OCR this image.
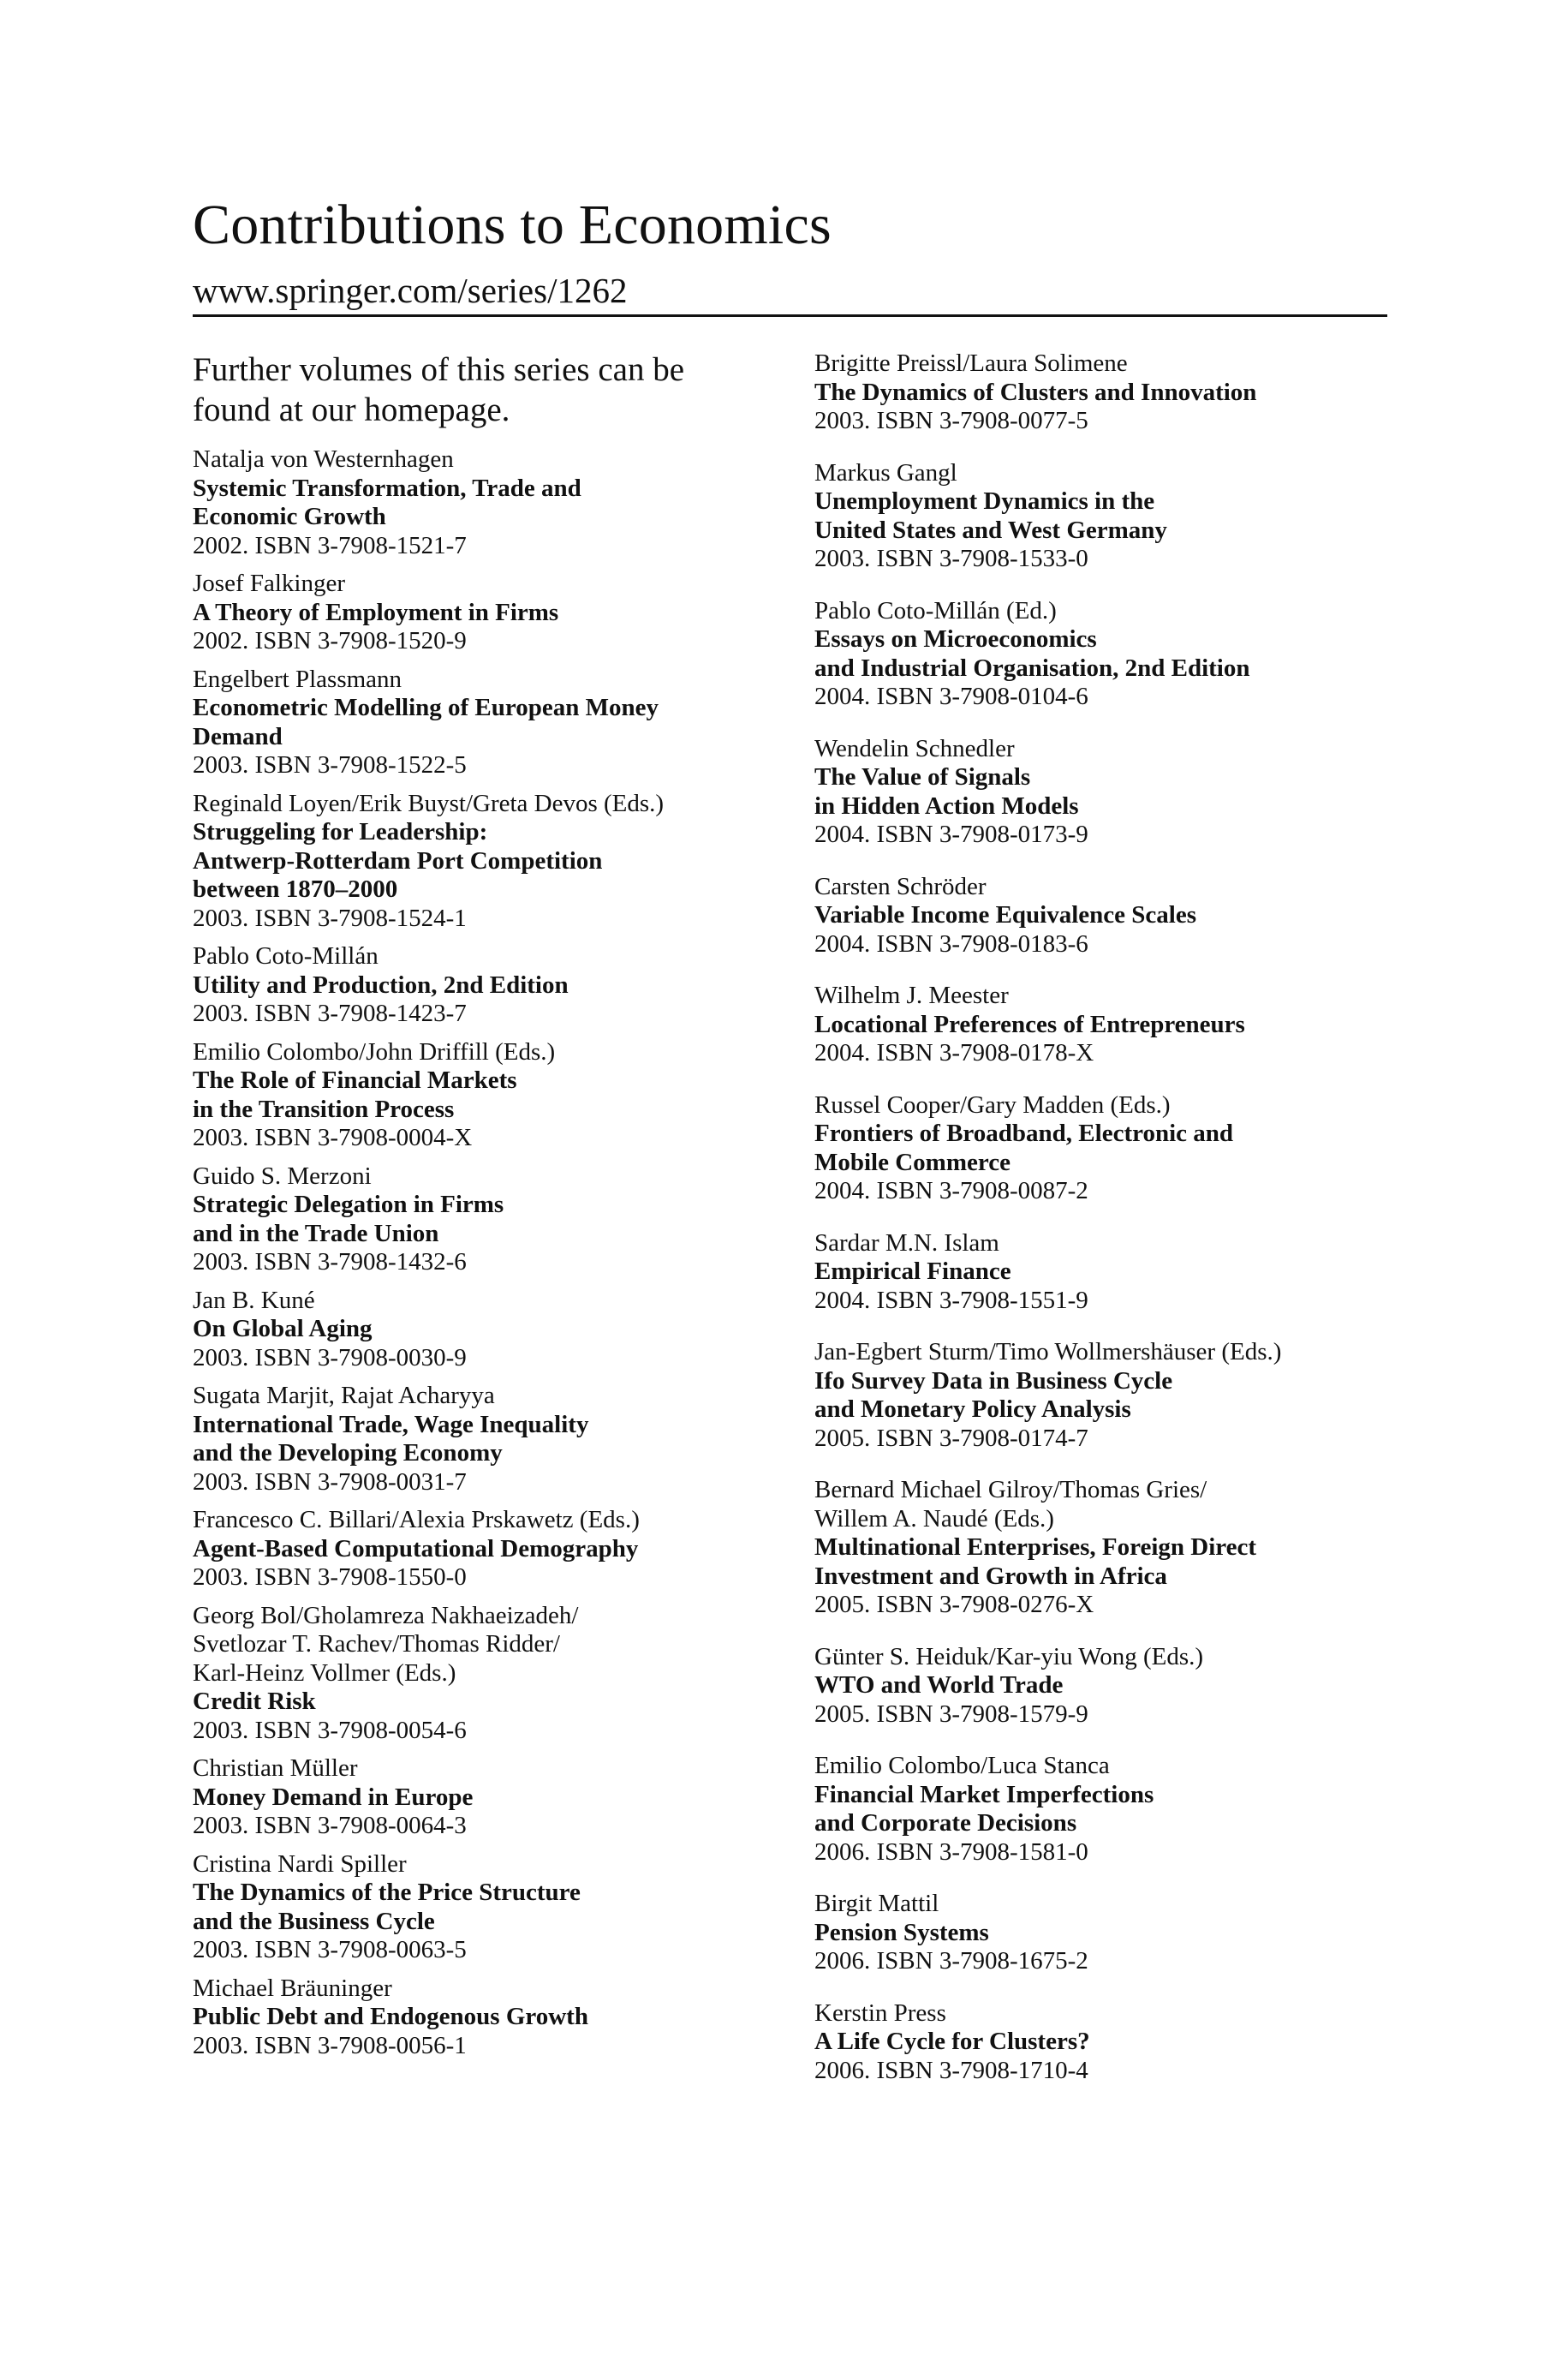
Contributions to Economics
www.springer.com/series/1262

Further volumes of this series can be found at our homepage.

Natalja von Westernhagen
Systemic Transformation, Trade and
Economic Growth
2002. ISBN 3-7908-1521-7
Josef Falkinger
A Theory of Employment in Firms
2002. ISBN 3-7908-1520-9
Engelbert Plassmann
Econometric Modelling of European Money
Demand
2003. ISBN 3-7908-1522-5
Reginald Loyen/Erik Buyst/Greta Devos (Eds.)
Struggeling for Leadership:
Antwerp-Rotterdam Port Competition
between 1870–2000
2003. ISBN 3-7908-1524-1
Pablo Coto-Millán
Utility and Production, 2nd Edition
2003. ISBN 3-7908-1423-7
Emilio Colombo/John Driffill (Eds.)
The Role of Financial Markets
in the Transition Process
2003. ISBN 3-7908-0004-X
Guido S. Merzoni
Strategic Delegation in Firms
and in the Trade Union
2003. ISBN 3-7908-1432-6
Jan B. Kuné
On Global Aging
2003. ISBN 3-7908-0030-9
Sugata Marjit, Rajat Acharyya
International Trade, Wage Inequality
and the Developing Economy
2003. ISBN 3-7908-0031-7
Francesco C. Billari/Alexia Prskawetz (Eds.)
Agent-Based Computational Demography
2003. ISBN 3-7908-1550-0
Georg Bol/Gholamreza Nakhaeizadeh/
Svetlozar T. Rachev/Thomas Ridder/
Karl-Heinz Vollmer (Eds.)
Credit Risk
2003. ISBN 3-7908-0054-6
Christian Müller
Money Demand in Europe
2003. ISBN 3-7908-0064-3
Cristina Nardi Spiller
The Dynamics of the Price Structure
and the Business Cycle
2003. ISBN 3-7908-0063-5
Michael Bräuninger
Public Debt and Endogenous Growth
2003. ISBN 3-7908-0056-1
Brigitte Preissl/Laura Solimene
The Dynamics of Clusters and Innovation
2003. ISBN 3-7908-0077-5
Markus Gangl
Unemployment Dynamics in the
United States and West Germany
2003. ISBN 3-7908-1533-0
Pablo Coto-Millán (Ed.)
Essays on Microeconomics
and Industrial Organisation, 2nd Edition
2004. ISBN 3-7908-0104-6
Wendelin Schnedler
The Value of Signals
in Hidden Action Models
2004. ISBN 3-7908-0173-9
Carsten Schröder
Variable Income Equivalence Scales
2004. ISBN 3-7908-0183-6
Wilhelm J. Meester
Locational Preferences of Entrepreneurs
2004. ISBN 3-7908-0178-X
Russel Cooper/Gary Madden (Eds.)
Frontiers of Broadband, Electronic and
Mobile Commerce
2004. ISBN 3-7908-0087-2
Sardar M.N. Islam
Empirical Finance
2004. ISBN 3-7908-1551-9
Jan-Egbert Sturm/Timo Wollmershäuser (Eds.)
Ifo Survey Data in Business Cycle
and Monetary Policy Analysis
2005. ISBN 3-7908-0174-7
Bernard Michael Gilroy/Thomas Gries/
Willem A. Naudé (Eds.)
Multinational Enterprises, Foreign Direct
Investment and Growth in Africa
2005. ISBN 3-7908-0276-X
Günter S. Heiduk/Kar-yiu Wong (Eds.)
WTO and World Trade
2005. ISBN 3-7908-1579-9
Emilio Colombo/Luca Stanca
Financial Market Imperfections
and Corporate Decisions
2006. ISBN 3-7908-1581-0
Birgit Mattil
Pension Systems
2006. ISBN 3-7908-1675-2
Kerstin Press
A Life Cycle for Clusters?
2006. ISBN 3-7908-1710-4
